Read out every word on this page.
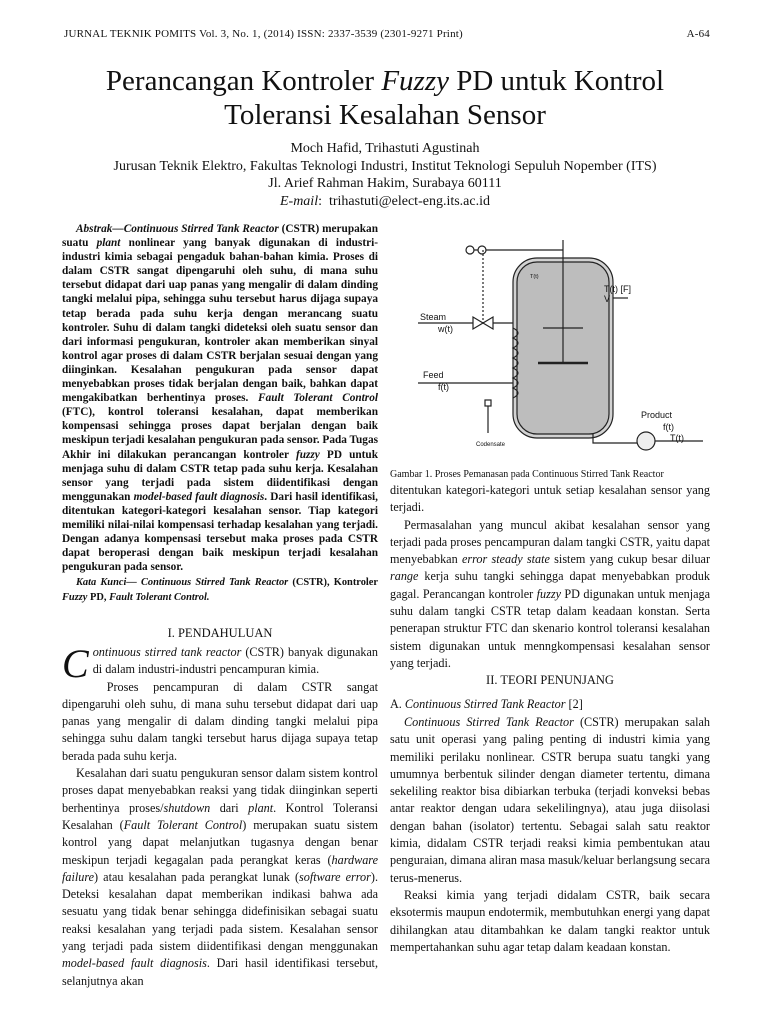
JURNAL TEKNIK POMITS Vol. 3, No. 1, (2014) ISSN: 2337-3539 (2301-9271 Print)	A-64
Perancangan Kontroler Fuzzy PD untuk Kontrol
Toleransi Kesalahan Sensor
Moch Hafid, Trihastuti Agustinah
Jurusan Teknik Elektro, Fakultas Teknologi Industri, Institut Teknologi Sepuluh Nopember (ITS)
Jl. Arief Rahman Hakim, Surabaya 60111
E-mail:  trihastuti@elect-eng.its.ac.id
Abstrak—Continuous Stirred Tank Reactor (CSTR) merupakan suatu plant nonlinear yang banyak digunakan di industri-industri kimia sebagai pengaduk bahan-bahan kimia. Proses di dalam CSTR sangat dipengaruhi oleh suhu, di mana suhu tersebut didapat dari uap panas yang mengalir di dalam dinding tangki melalui pipa, sehingga suhu tersebut harus dijaga supaya tetap berada pada suhu kerja dengan merancang suatu kontroler. Suhu di dalam tangki dideteksi oleh suatu sensor dan dari informasi pengukuran, kontroler akan memberikan sinyal kontrol agar proses di dalam CSTR berjalan sesuai dengan yang diinginkan. Kesalahan pengukuran pada sensor dapat menyebabkan proses tidak berjalan dengan baik, bahkan dapat mengakibatkan berhentinya proses. Fault Tolerant Control (FTC), kontrol toleransi kesalahan, dapat memberikan kompensasi sehingga proses dapat berjalan dengan baik meskipun terjadi kesalahan pengukuran pada sensor. Pada Tugas Akhir ini dilakukan perancangan kontroler fuzzy PD untuk menjaga suhu di dalam CSTR tetap pada suhu kerja. Kesalahan sensor yang terjadi pada sistem diidentifikasi dengan menggunakan model-based fault diagnosis. Dari hasil identifikasi, ditentukan kategori-kategori kesalahan sensor. Tiap kategori memiliki nilai-nilai kompensasi terhadap kesalahan yang terjadi. Dengan adanya kompensasi tersebut maka proses pada CSTR dapat beroperasi dengan baik meskipun terjadi kesalahan pengukuran pada sensor.
Kata Kunci— Continuous Stirred Tank Reactor (CSTR), Kontroler Fuzzy PD, Fault Tolerant Control.
I. PENDAHULUAN

Continuous stirred tank reactor (CSTR) banyak digunakan di dalam industri-industri pencampuran kimia.

Proses pencampuran di dalam CSTR sangat dipengaruhi oleh suhu, di mana suhu tersebut didapat dari uap panas yang mengalir di dalam dinding tangki melalui pipa sehingga suhu dalam tangki tersebut harus dijaga supaya tetap berada pada suhu kerja.

Kesalahan dari suatu pengukuran sensor dalam sistem kontrol proses dapat menyebabkan reaksi yang tidak diinginkan seperti berhentinya proses/shutdown dari plant. Kontrol Toleransi Kesalahan (Fault Tolerant Control) merupakan suatu sistem kontrol yang dapat melanjutkan tugasnya dengan benar meskipun terjadi kegagalan pada perangkat keras (hardware failure) atau kesalahan pada perangkat lunak (software error). Deteksi kesalahan dapat memberikan indikasi bahwa ada sesuatu yang tidak benar sehingga didefinisikan sebagai suatu reaksi kesalahan yang terjadi pada sistem. Kesalahan sensor yang terjadi pada sistem diidentifikasi dengan menggunakan model-based fault diagnosis. Dari hasil identifikasi tersebut, selanjutnya akan

Steam
w(t)
Feed
f(t)
T(t) [F]
V
Product
f(t)
T(t)
Codensate
T(t)
Gambar 1. Proses Pemanasan pada Continuous Stirred Tank Reactor

ditentukan kategori-kategori untuk setiap kesalahan sensor yang terjadi.

Permasalahan yang muncul akibat kesalahan sensor yang terjadi pada proses pencampuran dalam tangki CSTR, yaitu dapat menyebabkan error steady state sistem yang cukup besar diluar range kerja suhu tangki sehingga dapat menyebabkan produk gagal. Perancangan kontroler fuzzy PD digunakan untuk menjaga suhu dalam tangki CSTR tetap dalam keadaan konstan. Serta penerapan struktur FTC dan skenario kontrol toleransi kesalahan sistem digunakan untuk menngkompensasi kesalahan sensor yang terjadi.

II. TEORI PENUNJANG
A. Continuous Stirred Tank Reactor [2]

Continuous Stirred Tank Reactor (CSTR) merupakan salah satu unit operasi yang paling penting di industri kimia yang memiliki perilaku nonlinear. CSTR berupa suatu tangki yang umumnya berbentuk silinder dengan diameter tertentu, dimana sekeliling reaktor bisa dibiarkan terbuka (terjadi konveksi bebas antar reaktor dengan udara sekelilingnya), atau juga diisolasi dengan bahan (isolator) tertentu. Sebagai salah satu reaktor kimia, didalam CSTR terjadi reaksi kimia pembentukan atau penguraian, dimana aliran masa masuk/keluar berlangsung secara terus-menerus.

Reaksi kimia yang terjadi didalam CSTR, baik secara eksotermis maupun endotermik, membutuhkan energi yang dapat dihilangkan atau ditambahkan ke dalam tangki reaktor untuk mempertahankan suhu agar tetap dalam keadaan konstan.
